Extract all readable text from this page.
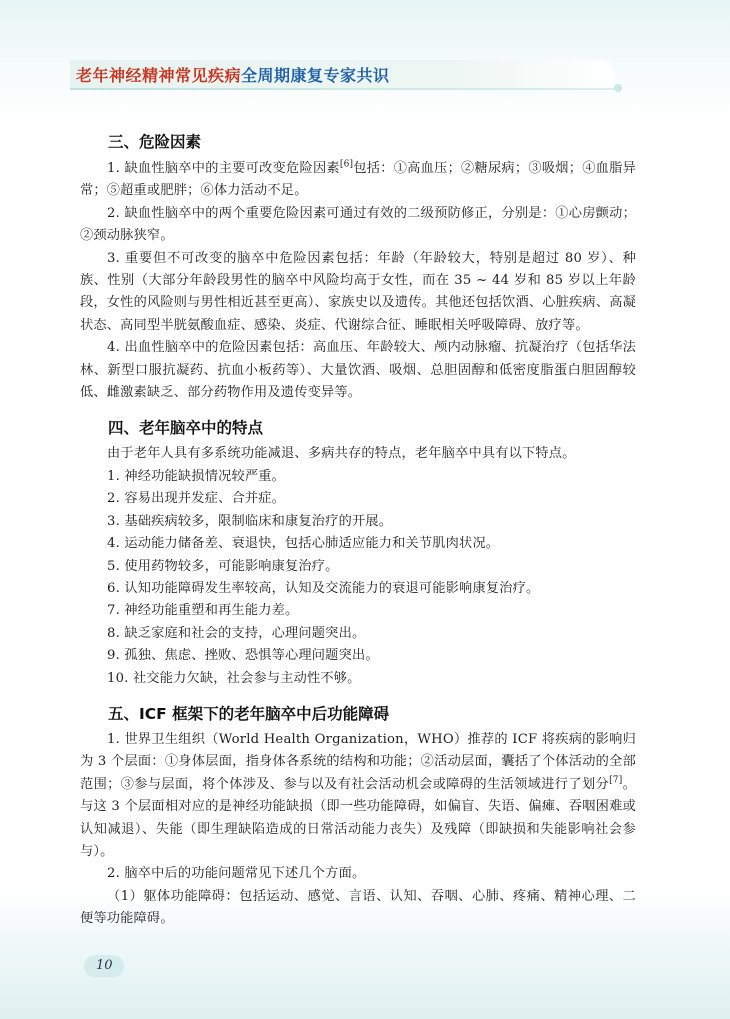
老年神经精神常见疾病全周期康复专家共识
三、危险因素

1. 缺血性脑卒中的主要可改变危险因素[6]包括：①高血压；②糖尿病；③吸烟；④血脂异常；⑤超重或肥胖；⑥体力活动不足。

2. 缺血性脑卒中的两个重要危险因素可通过有效的二级预防修正，分别是：①心房颤动；②颈动脉狭窄。

3. 重要但不可改变的脑卒中危险因素包括：年龄（年龄较大，特别是超过 80 岁）、种族、性别（大部分年龄段男性的脑卒中风险均高于女性，而在 35 ~ 44 岁和 85 岁以上年龄段，女性的风险则与男性相近甚至更高）、家族史以及遗传。其他还包括饮酒、心脏疾病、高凝状态、高同型半胱氨酸血症、感染、炎症、代谢综合征、睡眠相关呼吸障碍、放疗等。

4. 出血性脑卒中的危险因素包括：高血压、年龄较大、颅内动脉瘤、抗凝治疗（包括华法林、新型口服抗凝药、抗血小板药等）、大量饮酒、吸烟、总胆固醇和低密度脂蛋白胆固醇较低、雌激素缺乏、部分药物作用及遗传变异等。

四、老年脑卒中的特点

由于老年人具有多系统功能减退、多病共存的特点，老年脑卒中具有以下特点。

1. 神经功能缺损情况较严重。

2. 容易出现并发症、合并症。

3. 基础疾病较多，限制临床和康复治疗的开展。

4. 运动能力储备差、衰退快，包括心肺适应能力和关节肌肉状况。

5. 使用药物较多，可能影响康复治疗。

6. 认知功能障碍发生率较高，认知及交流能力的衰退可能影响康复治疗。

7. 神经功能重塑和再生能力差。

8. 缺乏家庭和社会的支持，心理问题突出。

9. 孤独、焦虑、挫败、恐惧等心理问题突出。

10. 社交能力欠缺，社会参与主动性不够。

五、ICF 框架下的老年脑卒中后功能障碍

1. 世界卫生组织（World Health Organization，WHO）推荐的 ICF 将疾病的影响归为 3 个层面：①身体层面，指身体各系统的结构和功能；②活动层面，囊括了个体活动的全部范围；③参与层面，将个体涉及、参与以及有社会活动机会或障碍的生活领域进行了划分[7]。与这 3 个层面相对应的是神经功能缺损（即一些功能障碍，如偏盲、失语、偏瘫、吞咽困难或认知减退）、失能（即生理缺陷造成的日常活动能力丧失）及残障（即缺损和失能影响社会参与）。

2. 脑卒中后的功能问题常见下述几个方面。

（1）躯体功能障碍：包括运动、感觉、言语、认知、吞咽、心肺、疼痛、精神心理、二便等功能障碍。

10
